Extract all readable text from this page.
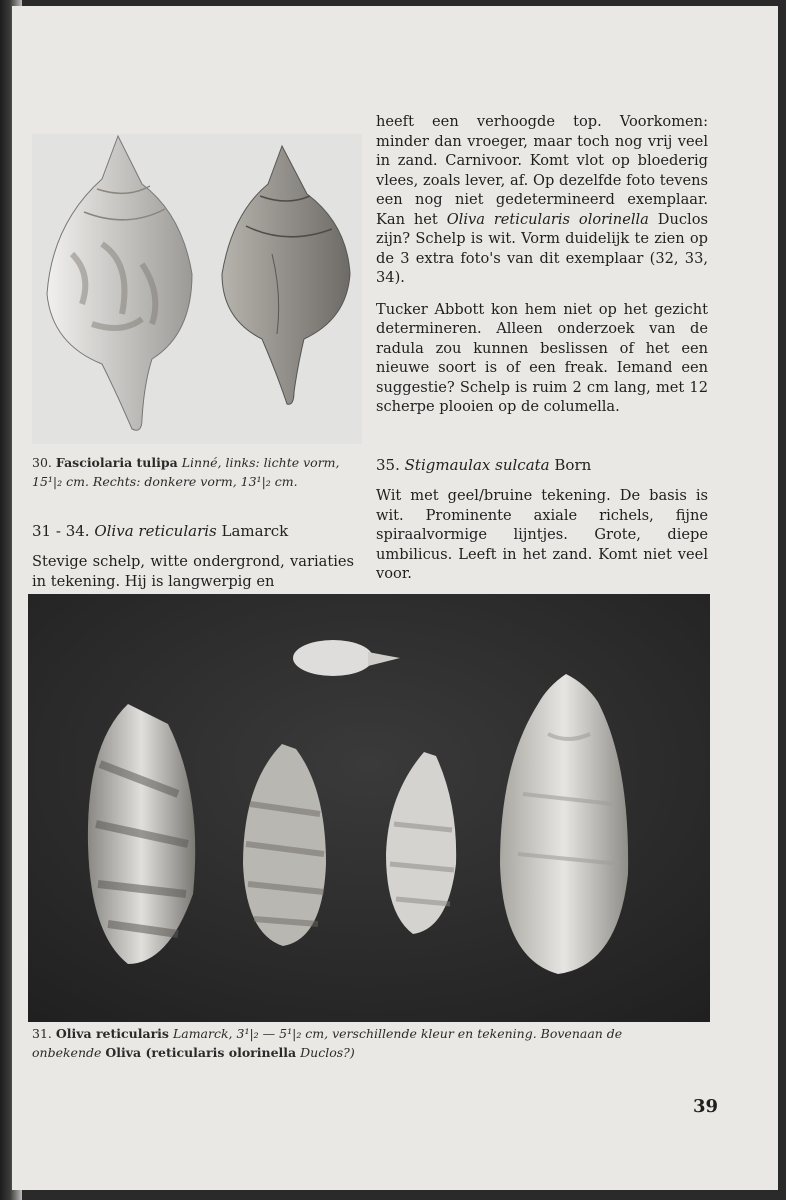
30. Fasciolaria tulipa Linné, links: lichte vorm,
15¹|₂ cm. Rechts: donkere vorm, 13¹|₂ cm.
31 - 34. Oliva reticularis Lamarck

Stevige schelp, witte ondergrond, variaties in tekening. Hij is langwerpig en

heeft een verhoogde top. Voorkomen: minder dan vroeger, maar toch nog vrij veel in zand. Carnivoor. Komt vlot op bloederig vlees, zoals lever, af. Op dezelfde foto tevens een nog niet gedetermineerd exemplaar. Kan het Oliva reticularis olorinella Duclos zijn? Schelp is wit. Vorm duidelijk te zien op de 3 extra foto's van dit exemplaar (32, 33, 34).

Tucker Abbott kon hem niet op het gezicht determineren. Alleen onderzoek van de radula zou kunnen beslissen of het een nieuwe soort is of een freak. Iemand een suggestie? Schelp is ruim 2 cm lang, met 12 scherpe plooien op de columella.

35. Stigmaulax sulcata Born

Wit met geel/bruine tekening. De basis is wit. Prominente axiale richels, fijne spiraalvormige lijntjes. Grote, diepe umbilicus. Leeft in het zand. Komt niet veel voor.

31. Oliva reticularis Lamarck, 3¹|₂ — 5¹|₂ cm, verschillende kleur en tekening. Bovenaan de
onbekende Oliva (reticularis olorinella Duclos?)
39
